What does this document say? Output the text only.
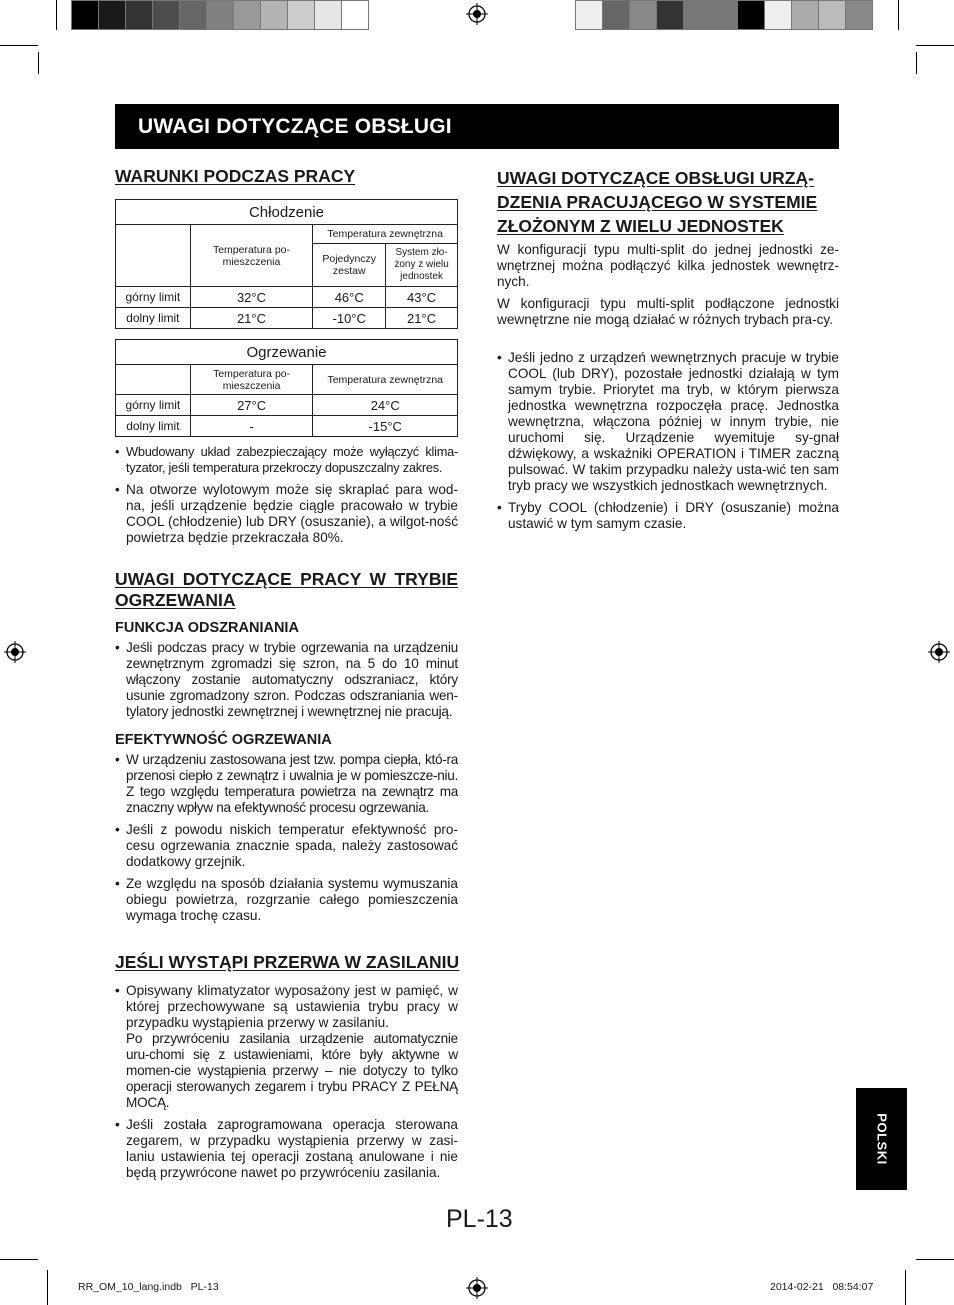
UWAGI DOTYCZĄCE OBSŁUGI
WARUNKI PODCZAS PRACY
Chłodzenie			
	Temperatura po-mieszczenia	Temperatura zewnętrzna	
		Pojedynczy zestaw	System zło-żony z wielu jednostek
górny limit	32°C	46°C	43°C
dolny limit	21°C	-10°C	21°C
Ogrzewanie		
	Temperatura po-mieszczenia	Temperatura zewnętrzna
górny limit	27°C	24°C
dolny limit	-	-15°C
• Wbudowany układ zabezpieczający może wyłączyć klima-tyzator, jeśli temperatura przekroczy dopuszczalny zakres.
• Na otworze wylotowym może się skraplać para wod-na, jeśli urządzenie będzie ciągle pracowało w trybie COOL (chłodzenie) lub DRY (osuszanie), a wilgot-ność powietrza będzie przekraczała 80%.
UWAGI DOTYCZĄCE PRACY W TRYBIE OGRZEWANIA
FUNKCJA ODSZRANIANIA
• Jeśli podczas pracy w trybie ogrzewania na urządzeniu zewnętrznym zgromadzi się szron, na 5 do 10 minut włączony zostanie automatyczny odszraniacz, który usunie zgromadzony szron. Podczas odszraniania wen-tylatory jednostki zewnętrznej i wewnętrznej nie pracują.
EFEKTYWNOŚĆ OGRZEWANIA
• W urządzeniu zastosowana jest tzw. pompa ciepła, któ-ra przenosi ciepło z zewnątrz i uwalnia je w pomieszcze-niu. Z tego względu temperatura powietrza na zewnątrz ma znaczny wpływ na efektywność procesu ogrzewania.
• Jeśli z powodu niskich temperatur efektywność pro-cesu ogrzewania znacznie spada, należy zastosować dodatkowy grzejnik.
• Ze względu na sposób działania systemu wymuszania obiegu powietrza, rozgrzanie całego pomieszczenia wymaga trochę czasu.
JEŚLI WYSTĄPI PRZERWA W ZASILANIU
• Opisywany klimatyzator wyposażony jest w pamięć, w której przechowywane są ustawienia trybu pracy w przypadku wystąpienia przerwy w zasilaniu.
Po przywróceniu zasilania urządzenie automatycznie uru-chomi się z ustawieniami, które były aktywne w momen-cie wystąpienia przerwy – nie dotyczy to tylko operacji sterowanych zegarem i trybu PRACY Z PEŁNĄ MOCĄ.
• Jeśli została zaprogramowana operacja sterowana zegarem, w przypadku wystąpienia przerwy w zasi-laniu ustawienia tej operacji zostaną anulowane i nie będą przywrócone nawet po przywróceniu zasilania.
UWAGI DOTYCZĄCE OBSŁUGI URZĄ-DZENIA PRACUJĄCEGO W SYSTEMIE ZŁOŻONYM Z WIELU JEDNOSTEK

W konfiguracji typu multi-split do jednej jednostki ze-wnętrznej można podłączyć kilka jednostek wewnętrz-nych.

W konfiguracji typu multi-split podłączone jednostki wewnętrzne nie mogą działać w różnych trybach pra-cy.

• Jeśli jedno z urządzeń wewnętrznych pracuje w trybie COOL (lub DRY), pozostałe jednostki działają w tym samym trybie. Priorytet ma tryb, w którym pierwsza jednostka wewnętrzna rozpoczęła pracę. Jednostka wewnętrzna, włączona później w innym trybie, nie uruchomi się. Urządzenie wyemituje sy-gnał dźwiękowy, a wskaźniki OPERATION i TIMER zaczną pulsować. W takim przypadku należy usta-wić ten sam tryb pracy we wszystkich jednostkach wewnętrznych.
• Tryby COOL (chłodzenie) i DRY (osuszanie) można ustawić w tym samym czasie.
POLSKI
PL-13
RR_OM_10_lang.indb   PL-13	2014-02-21   08:54:07
